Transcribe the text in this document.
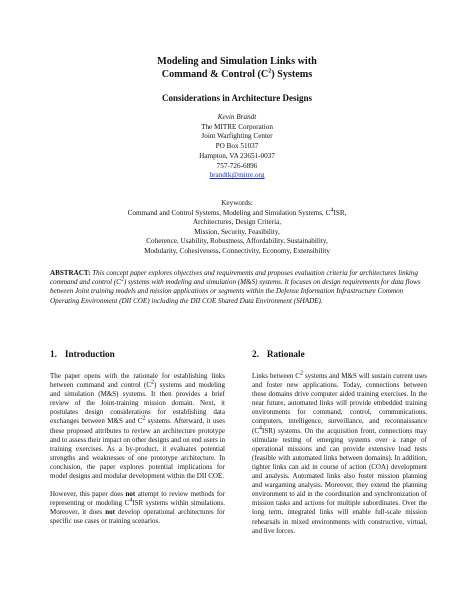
Modeling and Simulation Links with
Command & Control $(C^2)$ Systems
Considerations in Architecture Designs
Kevin Brandt
The MITRE Corporation
Joint Warfighting Center
PO Box 51037
Hampton, VA 23651-0037
757-726-6896
brandtk@mitre.org
Keywords:
Command and Control Systems, Modeling and Simulation Systems, $C^4ISR$,
Architectures, Design Criteria,
Mission, Security, Feasibility,
Coherence, Usability, Robustness, Affordability, Sustainability,
Modularity, Cohesiveness, Connectivity, Economy, Extensibility
ABSTRACT: This concept paper explores objectives and requirements and proposes evaluation criteria for architectures linking command and control $(C^2)$ systems with modeling and simulation (M&S) systems. It focuses on design requirements for data flows between Joint training models and mission applications or segments within the Defense Information Infrastructure Common Operating Environment (DII COE) including the DII COE Shared Data Environment (SHADE).
1. Introduction

The paper opens with the rationale for establishing links between command and control $(C^2)$ systems and modeling and simulation (M&S) systems. It then provides a brief review of the Joint-training mission domain. Next, it postulates design considerations for establishing data exchanges between M&S and $C^2$ systems. Afterward, it uses these proposed attributes to review an architecture prototype and to assess their impact on other designs and on end users in training exercises. As a by-product, it evaluates potential strengths and weaknesses of one prototype architecture. In conclusion, the paper explores potential implications for model designs and modular development within the DII COE.

However, this paper does not attempt to review methods for representing or modeling $C^4ISR$ systems within simulations. Moreover, it does not develop operational architectures for specific use cases or training scenarios.

2. Rationale

Links between $C^2$ systems and M&S will sustain current uses and foster new applications. Today, connections between these domains drive computer aided training exercises. In the near future, automated links will provide embedded training environments for command, control, communications, computers, intelligence, surveillance, and reconnaissance $(C^4ISR)$ systems. On the acquisition front, connections may stimulate testing of emerging systems over a range of operational missions and can provide extensive load tests (feasible with automated links between domains). In addition, tighter links can aid in course of action (COA) development and analysis. Automated links also foster mission planning and wargaming analysis. Moreover, they extend the planning environment to aid in the coordination and synchronization of mission tasks and actions for multiple subordinates. Over the long term, integrated links will enable full-scale mission rehearsals in mixed environments with constructive, virtual, and live forces.
